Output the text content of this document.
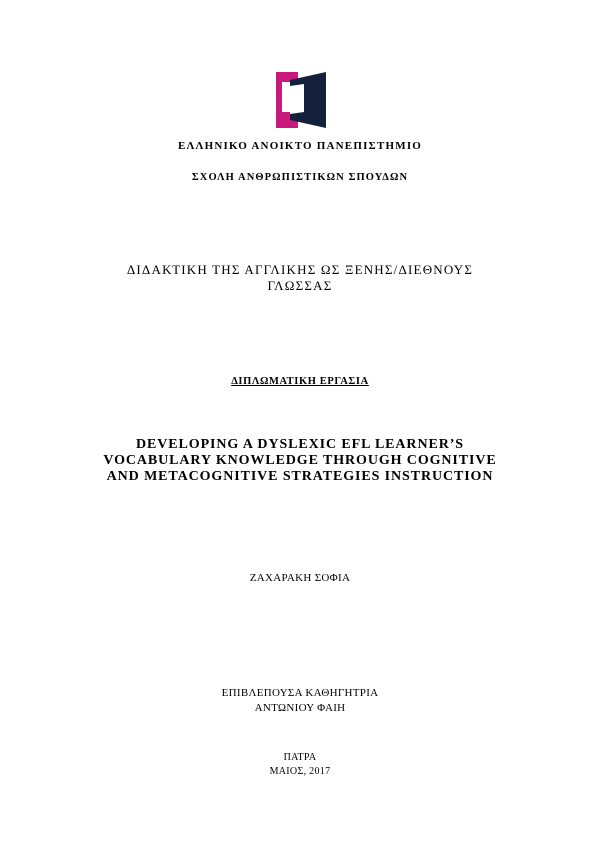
ΕΛΛΗΝΙΚΟ ΑΝΟΙΚΤΟ ΠΑΝΕΠΙΣΤΗΜΙΟ
ΣΧΟΛΗ ΑΝΘΡΩΠΙΣΤΙΚΩΝ ΣΠΟΥΔΩΝ
ΔΙΔΑΚΤΙΚΗ ΤΗΣ ΑΓΓΛΙΚΗΣ ΩΣ ΞΕΝΗΣ/ΔΙΕΘΝΟΥΣ
ΓΛΩΣΣΑΣ
ΔΙΠΛΩΜΑΤΙΚΗ ΕΡΓΑΣΙΑ
DEVELOPING A DYSLEXIC EFL LEARNER’S
VOCABULARY KNOWLEDGE THROUGH COGNITIVE
AND METACOGNITIVE STRATEGIES INSTRUCTION
ΖΑΧΑΡΑΚΗ ΣΟΦΙΑ
ΕΠΙΒΛΕΠΟΥΣΑ ΚΑΘΗΓΗΤΡΙΑ
ΑΝΤΩΝΙΟΥ ΦΑΙΗ
ΠΑΤΡΑ
ΜΑΙΟΣ, 2017
